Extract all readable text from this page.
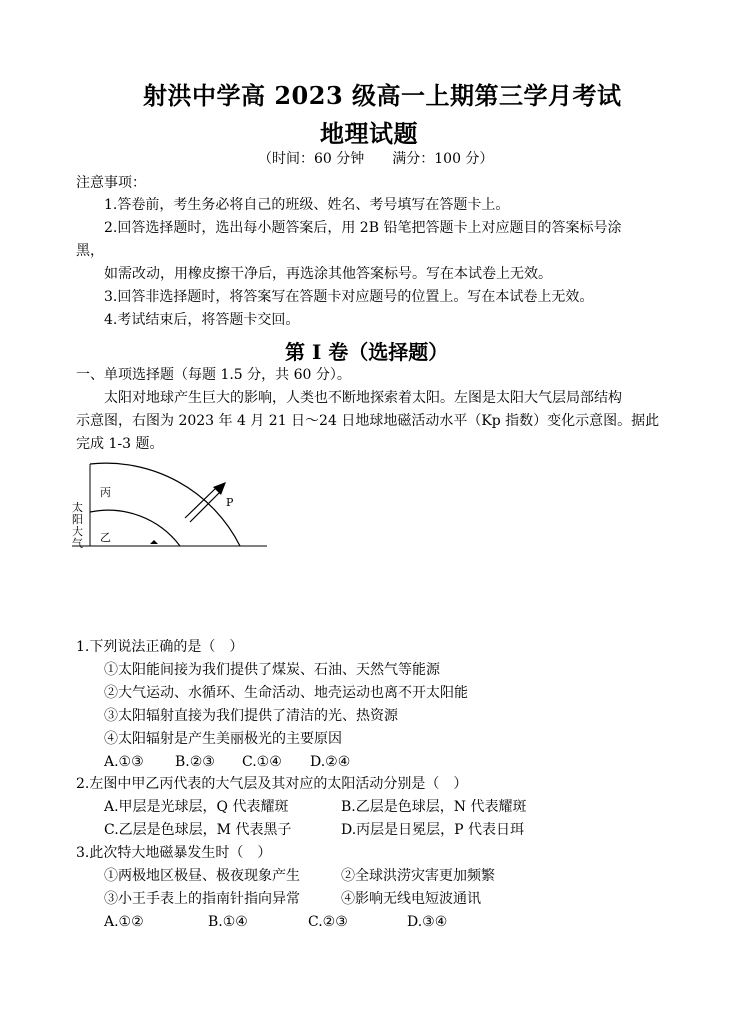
射洪中学高 2023 级高一上期第三学月考试
地理试题
（时间：60 分钟　　满分：100 分）
注意事项：
1.答卷前，考生务必将自己的班级、姓名、考号填写在答题卡上。
2.回答选择题时，选出每小题答案后，用 2B 铅笔把答题卡上对应题目的答案标号涂
黑，
如需改动，用橡皮擦干净后，再选涂其他答案标号。写在本试卷上无效。
3.回答非选择题时，将答案写在答题卡对应题号的位置上。写在本试卷上无效。
4.考试结束后，将答题卡交回。
第 I 卷（选择题）
一、单项选择题（每题 1.5 分，共 60 分）。
太阳对地球产生巨大的影响，人类也不断地探索着太阳。左图是太阳大气层局部结构
示意图，右图为 2023 年 4 月 21 日～24 日地球地磁活动水平（Kp 指数）变化示意图。据此
完成 1-3 题。
太阳大气
丙
乙
P
1.下列说法正确的是（　）
①太阳能间接为我们提供了煤炭、石油、天然气等能源
②大气运动、水循环、生命活动、地壳运动也离不开太阳能
③太阳辐射直接为我们提供了清洁的光、热资源
④太阳辐射是产生美丽极光的主要原因
A.①③ B.②③ C.①④ D.②④
2.左图中甲乙丙代表的大气层及其对应的太阳活动分别是（　）
A.甲层是光球层，Q 代表耀斑	B.乙层是色球层，N 代表耀斑
C.乙层是色球层，M 代表黑子	D.丙层是日冕层，P 代表日珥
3.此次特大地磁暴发生时（　）
①两极地区极昼、极夜现象产生	②全球洪涝灾害更加频繁
③小王手表上的指南针指向异常	④影响无线电短波通讯
A.①②	B.①④	C.②③	D.③④
